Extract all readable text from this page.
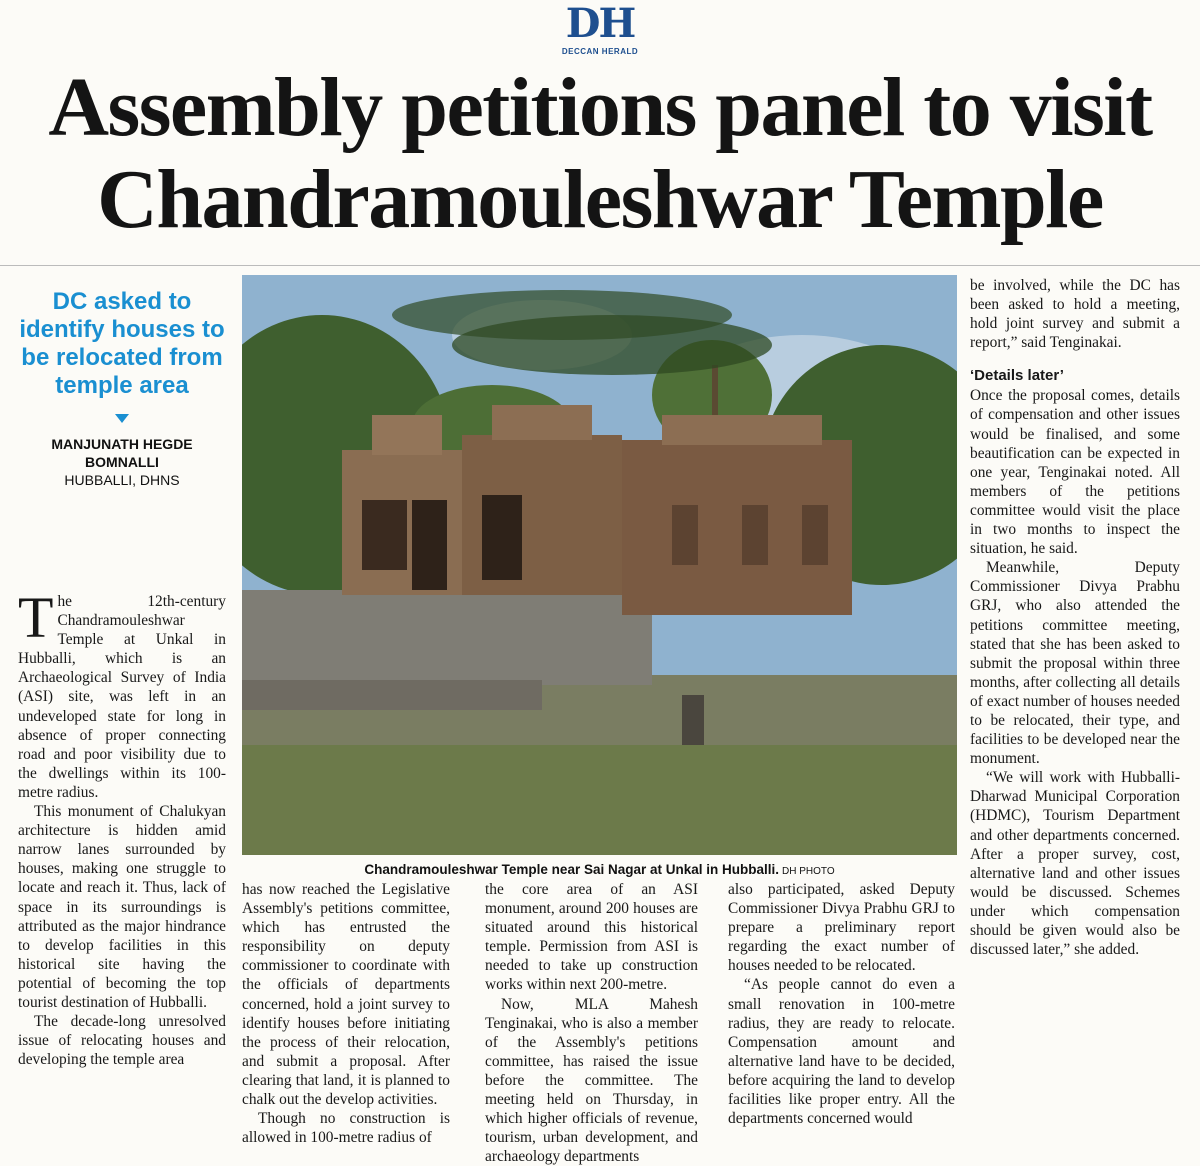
DH
DECCAN HERALD
Assembly petitions panel to visit
Chandramouleshwar Temple
DC asked to identify houses to be relocated from temple area
MANJUNATH HEGDE
BOMNALLI
HUBBALLI, DHNS
Chandramouleshwar Temple near Sai Nagar at Unkal in Hubballi. DH PHOTO

The 12th-century Chandramouleshwar Temple at Unkal in Hubballi, which is an Archaeological Survey of India (ASI) site, was left in an undeveloped state for long in absence of proper connecting road and poor visibility due to the dwellings within its 100-metre radius.

This monument of Chalukyan architecture is hidden amid narrow lanes surrounded by houses, making one struggle to locate and reach it. Thus, lack of space in its surroundings is attributed as the major hindrance to develop facilities in this historical site having the potential of becoming the top tourist destination of Hubballi.

The decade-long unresolved issue of relocating houses and developing the temple area

has now reached the Legislative Assembly's petitions committee, which has entrusted the responsibility on deputy commissioner to coordinate with the officials of departments concerned, hold a joint survey to identify houses before initiating the process of their relocation, and submit a proposal. After clearing that land, it is planned to chalk out the develop activities.

Though no construction is allowed in 100-metre radius of

the core area of an ASI monument, around 200 houses are situated around this historical temple. Permission from ASI is needed to take up construction works within next 200-metre.

Now, MLA Mahesh Tenginakai, who is also a member of the Assembly's petitions committee, has raised the issue before the committee. The meeting held on Thursday, in which higher officials of revenue, tourism, urban development, and archaeology departments

also participated, asked Deputy Commissioner Divya Prabhu GRJ to prepare a preliminary report regarding the exact number of houses needed to be relocated.

“As people cannot do even a small renovation in 100-metre radius, they are ready to relocate. Compensation amount and alternative land have to be decided, before acquiring the land to develop facilities like proper entry. All the departments concerned would

be involved, while the DC has been asked to hold a meeting, hold joint survey and submit a report,” said Tenginakai.

‘Details later’

Once the proposal comes, details of compensation and other issues would be finalised, and some beautification can be expected in one year, Tenginakai noted. All members of the petitions committee would visit the place in two months to inspect the situation, he said.

Meanwhile, Deputy Commissioner Divya Prabhu GRJ, who also attended the petitions committee meeting, stated that she has been asked to submit the proposal within three months, after collecting all details of exact number of houses needed to be relocated, their type, and facilities to be developed near the monument.

“We will work with Hubballi-Dharwad Municipal Corporation (HDMC), Tourism Department and other departments concerned. After a proper survey, cost, alternative land and other issues would be discussed. Schemes under which compensation should be given would also be discussed later,” she added.
